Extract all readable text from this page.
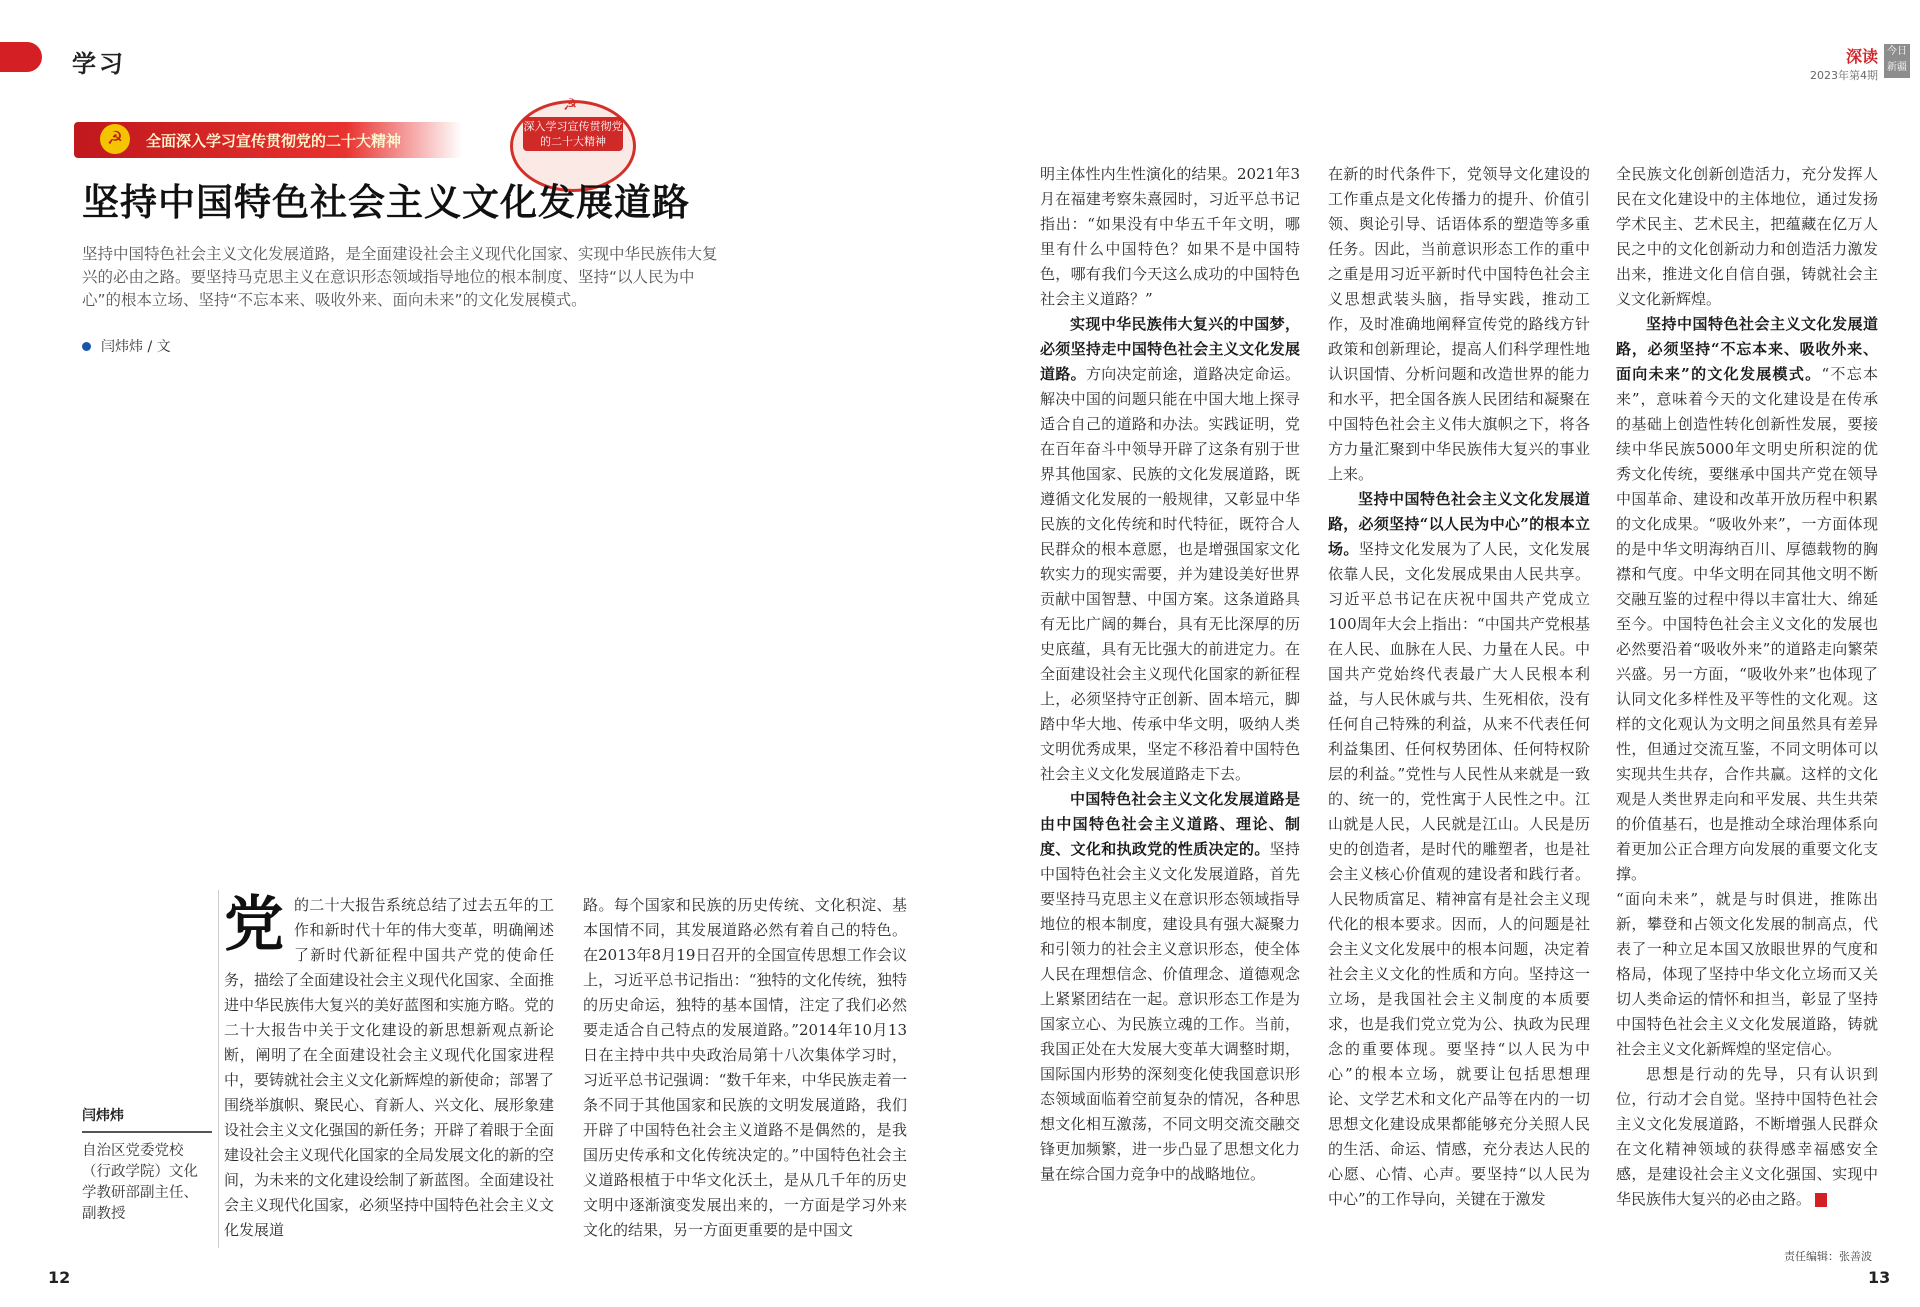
学习	深读
2023年第4期
今日新疆
☭	全面深入学习宣传贯彻党的二十大精神
☭
深入学习宣传贯彻党的二十大精神
坚持中国特色社会主义文化发展道路
坚持中国特色社会主义文化发展道路，是全面建设社会主义现代化国家、实现中华民族伟大复兴的必由之路。要坚持马克思主义在意识形态领域指导地位的根本制度、坚持“以人民为中心”的根本立场、坚持“不忘本来、吸收外来、面向未来”的文化发展模式。
闫炜炜 / 文
闫炜炜
自治区党委党校（行政学院）文化学教研部副主任、副教授
党 的二十大报告系统总结了过去五年的工作和新时代十年的伟大变革，明确阐述了新时代新征程中国共产党的使命任务，描绘了全面建设社会主义现代化国家、全面推进中华民族伟大复兴的美好蓝图和实施方略。党的二十大报告中关于文化建设的新思想新观点新论断，阐明了在全面建设社会主义现代化国家进程中，要铸就社会主义文化新辉煌的新使命；部署了围绕举旗帜、聚民心、育新人、兴文化、展形象建设社会主义文化强国的新任务；开辟了着眼于全面建设社会主义现代化国家的全局发展文化的新的空间，为未来的文化建设绘制了新蓝图。全面建设社会主义现代化国家，必须坚持中国特色社会主义文化发展道

路。每个国家和民族的历史传统、文化积淀、基本国情不同，其发展道路必然有着自己的特色。在2013年8月19日召开的全国宣传思想工作会议上，习近平总书记指出：“独特的文化传统，独特的历史命运，独特的基本国情，注定了我们必然要走适合自己特点的发展道路。”2014年10月13日在主持中共中央政治局第十八次集体学习时，习近平总书记强调：“数千年来，中华民族走着一条不同于其他国家和民族的文明发展道路，我们开辟了中国特色社会主义道路不是偶然的，是我国历史传承和文化传统决定的。”中国特色社会主义道路根植于中华文化沃土，是从几千年的历史文明中逐渐演变发展出来的，一方面是学习外来文化的结果，另一方面更重要的是中国文

明主体性内生性演化的结果。2021年3月在福建考察朱熹园时，习近平总书记指出：“如果没有中华五千年文明，哪里有什么中国特色？如果不是中国特色，哪有我们今天这么成功的中国特色社会主义道路？”

实现中华民族伟大复兴的中国梦，必须坚持走中国特色社会主义文化发展道路。方向决定前途，道路决定命运。解决中国的问题只能在中国大地上探寻适合自己的道路和办法。实践证明，党在百年奋斗中领导开辟了这条有别于世界其他国家、民族的文化发展道路，既遵循文化发展的一般规律，又彰显中华民族的文化传统和时代特征，既符合人民群众的根本意愿，也是增强国家文化软实力的现实需要，并为建设美好世界贡献中国智慧、中国方案。这条道路具有无比广阔的舞台，具有无比深厚的历史底蕴，具有无比强大的前进定力。在全面建设社会主义现代化国家的新征程上，必须坚持守正创新、固本培元，脚踏中华大地、传承中华文明，吸纳人类文明优秀成果，坚定不移沿着中国特色社会主义文化发展道路走下去。

中国特色社会主义文化发展道路是由中国特色社会主义道路、理论、制度、文化和执政党的性质决定的。坚持中国特色社会主义文化发展道路，首先要坚持马克思主义在意识形态领域指导地位的根本制度，建设具有强大凝聚力和引领力的社会主义意识形态，使全体人民在理想信念、价值理念、道德观念上紧紧团结在一起。意识形态工作是为国家立心、为民族立魂的工作。当前，我国正处在大发展大变革大调整时期，国际国内形势的深刻变化使我国意识形态领域面临着空前复杂的情况，各种思想文化相互激荡，不同文明交流交融交锋更加频繁，进一步凸显了思想文化力量在综合国力竞争中的战略地位。

在新的时代条件下，党领导文化建设的工作重点是文化传播力的提升、价值引领、舆论引导、话语体系的塑造等多重任务。因此，当前意识形态工作的重中之重是用习近平新时代中国特色社会主义思想武装头脑，指导实践，推动工作，及时准确地阐释宣传党的路线方针政策和创新理论，提高人们科学理性地认识国情、分析问题和改造世界的能力和水平，把全国各族人民团结和凝聚在中国特色社会主义伟大旗帜之下，将各方力量汇聚到中华民族伟大复兴的事业上来。

坚持中国特色社会主义文化发展道路，必须坚持“以人民为中心”的根本立场。坚持文化发展为了人民，文化发展依靠人民，文化发展成果由人民共享。习近平总书记在庆祝中国共产党成立100周年大会上指出：“中国共产党根基在人民、血脉在人民、力量在人民。中国共产党始终代表最广大人民根本利益，与人民休戚与共、生死相依，没有任何自己特殊的利益，从来不代表任何利益集团、任何权势团体、任何特权阶层的利益。”党性与人民性从来就是一致的、统一的，党性寓于人民性之中。江山就是人民，人民就是江山。人民是历史的创造者，是时代的雕塑者，也是社会主义核心价值观的建设者和践行者。人民物质富足、精神富有是社会主义现代化的根本要求。因而，人的问题是社会主义文化发展中的根本问题，决定着社会主义文化的性质和方向。坚持这一立场，是我国社会主义制度的本质要求，也是我们党立党为公、执政为民理念的重要体现。要坚持“以人民为中心”的根本立场，就要让包括思想理论、文学艺术和文化产品等在内的一切思想文化建设成果都能够充分关照人民的生活、命运、情感，充分表达人民的心愿、心情、心声。要坚持“以人民为中心”的工作导向，关键在于激发

全民族文化创新创造活力，充分发挥人民在文化建设中的主体地位，通过发扬学术民主、艺术民主，把蕴藏在亿万人民之中的文化创新动力和创造活力激发出来，推进文化自信自强，铸就社会主义文化新辉煌。

坚持中国特色社会主义文化发展道路，必须坚持“不忘本来、吸收外来、面向未来”的文化发展模式。“不忘本来”，意味着今天的文化建设是在传承的基础上创造性转化创新性发展，要接续中华民族5000年文明史所积淀的优秀文化传统，要继承中国共产党在领导中国革命、建设和改革开放历程中积累的文化成果。“吸收外来”，一方面体现的是中华文明海纳百川、厚德载物的胸襟和气度。中华文明在同其他文明不断交融互鉴的过程中得以丰富壮大、绵延至今。中国特色社会主义文化的发展也必然要沿着“吸收外来”的道路走向繁荣兴盛。另一方面，“吸收外来”也体现了认同文化多样性及平等性的文化观。这样的文化观认为文明之间虽然具有差异性，但通过交流互鉴，不同文明体可以实现共生共存，合作共赢。这样的文化观是人类世界走向和平发展、共生共荣的价值基石，也是推动全球治理体系向着更加公正合理方向发展的重要文化支撑。

“面向未来”，就是与时俱进，推陈出新，攀登和占领文化发展的制高点，代表了一种立足本国又放眼世界的气度和格局，体现了坚持中华文化立场而又关切人类命运的情怀和担当，彰显了坚持中国特色社会主义文化发展道路，铸就社会主义文化新辉煌的坚定信心。

思想是行动的先导，只有认识到位，行动才会自觉。坚持中国特色社会主义文化发展道路，不断增强人民群众在文化精神领域的获得感幸福感安全感，是建设社会主义文化强国、实现中华民族伟大复兴的必由之路。

12
责任编辑：张善波
13
